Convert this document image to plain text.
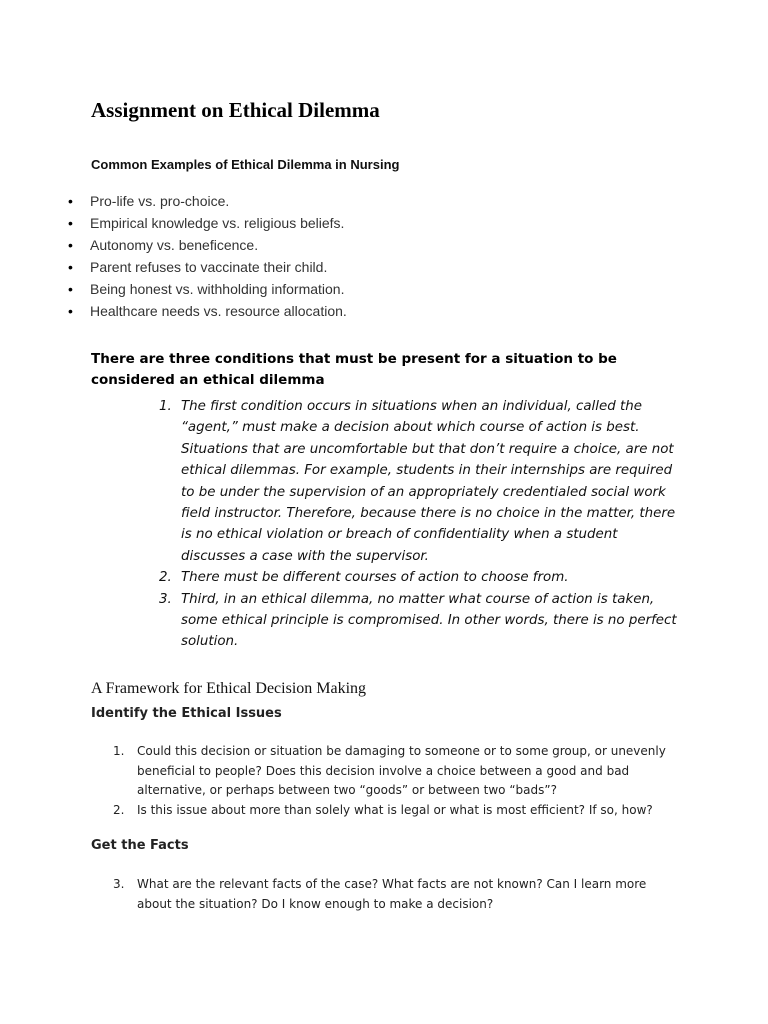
Assignment on Ethical Dilemma
Common Examples of Ethical Dilemma in Nursing
• Pro-life vs. pro-choice.
• Empirical knowledge vs. religious beliefs.
• Autonomy vs. beneficence.
• Parent refuses to vaccinate their child.
• Being honest vs. withholding information.
• Healthcare needs vs. resource allocation.
There are three conditions that must be present for a situation to be considered an ethical dilemma
1. The first condition occurs in situations when an individual, called the “agent,” must make a decision about which course of action is best. Situations that are uncomfortable but that don’t require a choice, are not ethical dilemmas. For example, students in their internships are required to be under the supervision of an appropriately credentialed social work field instructor. Therefore, because there is no choice in the matter, there is no ethical violation or breach of confidentiality when a student discusses a case with the supervisor.
2. There must be different courses of action to choose from.
3. Third, in an ethical dilemma, no matter what course of action is taken, some ethical principle is compromised. In other words, there is no perfect solution.
A Framework for Ethical Decision Making
Identify the Ethical Issues
1. Could this decision or situation be damaging to someone or to some group, or unevenly beneficial to people? Does this decision involve a choice between a good and bad alternative, or perhaps between two “goods” or between two “bads”?
2. Is this issue about more than solely what is legal or what is most efficient? If so, how?
Get the Facts
3. What are the relevant facts of the case? What facts are not known? Can I learn more about the situation? Do I know enough to make a decision?
